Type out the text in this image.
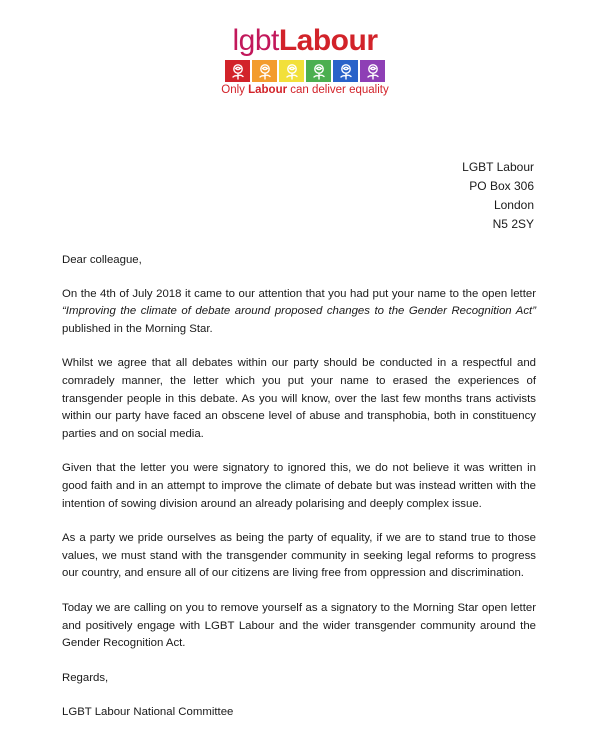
lgbtLabour
Only Labour can deliver equality
LGBT Labour
PO Box 306
London
N5 2SY

Dear colleague,

On the 4th of July 2018 it came to our attention that you had put your name to the open letter “Improving the climate of debate around proposed changes to the Gender Recognition Act” published in the Morning Star.

Whilst we agree that all debates within our party should be conducted in a respectful and comradely manner, the letter which you put your name to erased the experiences of transgender people in this debate. As you will know, over the last few months trans activists within our party have faced an obscene level of abuse and transphobia, both in constituency parties and on social media.

Given that the letter you were signatory to ignored this, we do not believe it was written in good faith and in an attempt to improve the climate of debate but was instead written with the intention of sowing division around an already polarising and deeply complex issue.

As a party we pride ourselves as being the party of equality, if we are to stand true to those values, we must stand with the transgender community in seeking legal reforms to progress our country, and ensure all of our citizens are living free from oppression and discrimination.

Today we are calling on you to remove yourself as a signatory to the Morning Star open letter and positively engage with LGBT Labour and the wider transgender community around the Gender Recognition Act.

Regards,

LGBT Labour National Committee
